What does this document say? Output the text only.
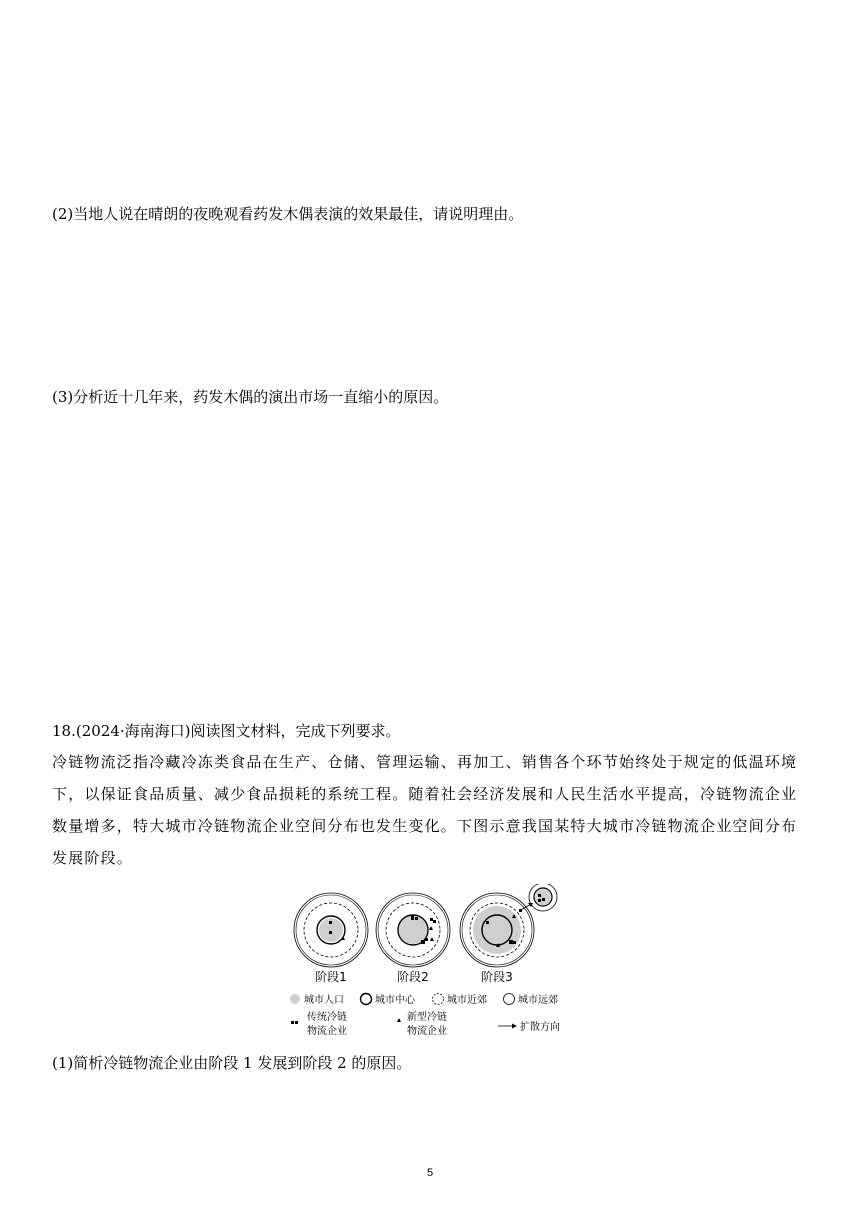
(2)当地人说在晴朗的夜晚观看药发木偶表演的效果最佳，请说明理由。
(3)分析近十几年来，药发木偶的演出市场一直缩小的原因。
18.(2024·海南海口)阅读图文材料，完成下列要求。
冷链物流泛指冷藏冷冻类食品在生产、仓储、管理运输、再加工、销售各个环节始终处于规定的低温环境下，以保证食品质量、减少食品损耗的系统工程。随着社会经济发展和人民生活水平提高，冷链物流企业数量增多，特大城市冷链物流企业空间分布也发生变化。下图示意我国某特大城市冷链物流企业空间分布发展阶段。
阶段1	阶段2	阶段3
城市人口	城市中心	城市近郊	城市远郊
传统冷链
物流企业
新型冷链
物流企业	扩散方向
(1)简析冷链物流企业由阶段 1 发展到阶段 2 的原因。
5
